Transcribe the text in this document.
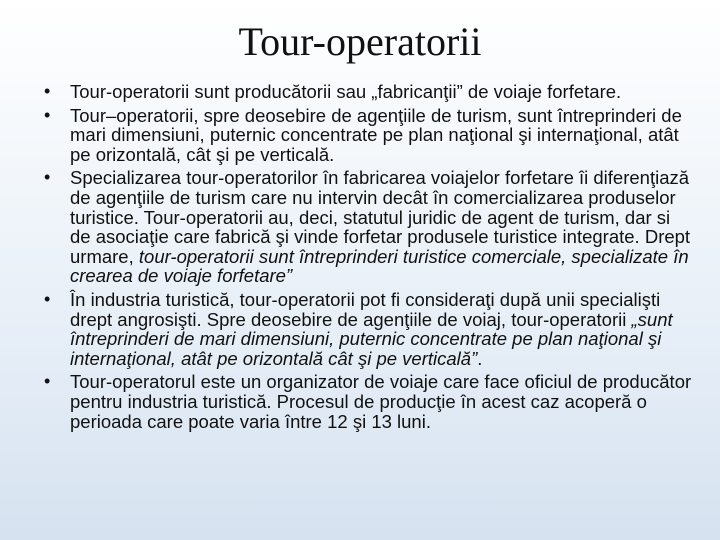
Tour-operatorii
• Tour-operatorii sunt producătorii sau „fabricanţii” de voiaje forfetare.
• Tour–operatorii, spre deosebire de agenţiile de turism, sunt întreprinderi de mari dimensiuni, puternic concentrate pe plan naţional şi internaţional, atât pe orizontală, cât şi pe verticală.
• Specializarea tour-operatorilor în fabricarea voiajelor forfetare îi diferenţiază de agenţiile de turism care nu intervin decât în comercializarea produselor turistice. Tour-operatorii au, deci, statutul juridic de agent de turism, dar si de asociaţie care fabrică şi vinde forfetar produsele turistice integrate. Drept urmare, tour-operatorii sunt întreprinderi turistice comerciale, specializate în crearea de voiaje forfetare”
• În industria turistică, tour-operatorii pot fi consideraţi după unii specialişti drept angrosişti. Spre deosebire de agenţiile de voiaj, tour-operatorii „sunt întreprinderi de mari dimensiuni, puternic concentrate pe plan naţional şi internaţional, atât pe orizontală cât şi pe verticală”.
• Tour-operatorul este un organizator de voiaje care face oficiul de producător pentru industria turistică. Procesul de producţie în acest caz acoperă o perioada care poate varia între 12 şi 13 luni.
